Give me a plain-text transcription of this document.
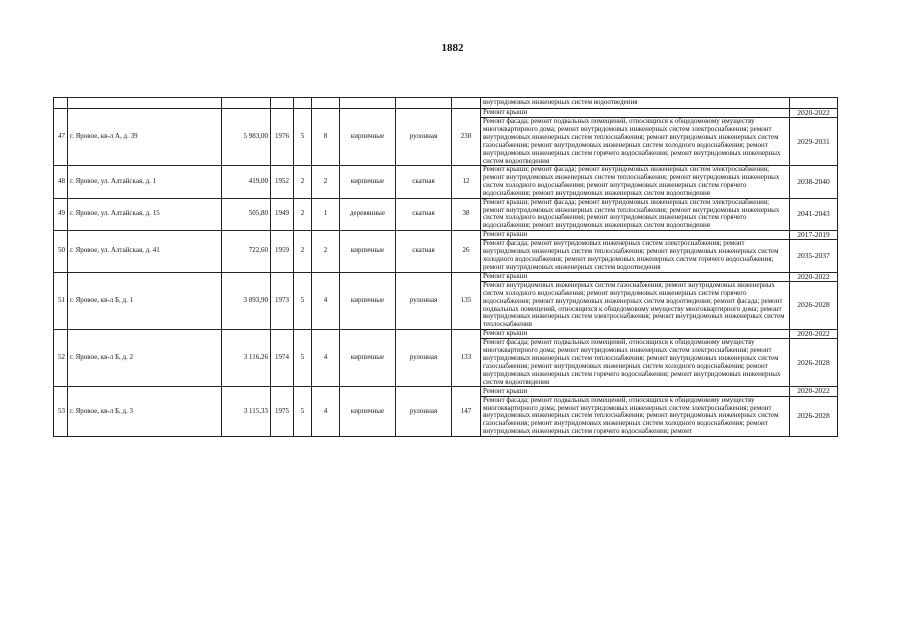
1882
									внутридомовых инженерных систем водоотведения	
47	г. Яровое, кв-л А, д. 39	5 983,00	1976	5	8	кирпичные	рулонная	230	Ремонт крыши	2020-2022
									Ремонт фасада; ремонт подвальных помещений, относящихся к общедомовому имуществу многоквартирного дома; ремонт внутридомовых инженерных систем электроснабжения; ремонт внутридомовых инженерных систем теплоснабжения; ремонт внутридомовых инженерных систем газоснабжения; ремонт внутридомовых инженерных систем холодного водоснабжения; ремонт внутридомовых инженерных систем горячего водоснабжения; ремонт внутридомовых инженерных систем водоотведения	2029-2031
48	г. Яровое, ул. Алтайская, д. 1	419,00	1952	2	2	кирпичные	скатная	12	Ремонт крыши; ремонт фасада; ремонт внутридомовых инженерных систем электроснабжения; ремонт внутридомовых инженерных систем теплоснабжения; ремонт внутридомовых инженерных систем холодного водоснабжения; ремонт внутридомовых инженерных систем горячего водоснабжения; ремонт внутридомовых инженерных систем водоотведения	2038-2040
49	г. Яровое, ул. Алтайская, д. 15	505,80	1949	2	1	деревянные	скатная	38	Ремонт крыши; ремонт фасада; ремонт внутридомовых инженерных систем электроснабжения; ремонт внутридомовых инженерных систем теплоснабжения; ремонт внутридомовых инженерных систем холодного водоснабжения; ремонт внутридомовых инженерных систем горячего водоснабжения; ремонт внутридомовых инженерных систем водоотведения	2041-2043
50	г. Яровое, ул. Алтайская, д. 41	722,60	1959	2	2	кирпичные	скатная	26	Ремонт крыши	2017-2019
									Ремонт фасада; ремонт внутридомовых инженерных систем электроснабжения; ремонт внутридомовых инженерных систем теплоснабжения; ремонт внутридомовых инженерных систем холодного водоснабжения; ремонт внутридомовых инженерных систем горячего водоснабжения; ремонт внутридомовых инженерных систем водоотведения	2035-2037
51	г. Яровое, кв-л Б, д. 1	3 093,90	1973	5	4	кирпичные	рулонная	135	Ремонт крыши	2020-2022
									Ремонт внутридомовых инженерных систем газоснабжения; ремонт внутридомовых инженерных систем холодного водоснабжения; ремонт внутридомовых инженерных систем горячего водоснабжения; ремонт внутридомовых инженерных систем водоотведения; ремонт фасада; ремонт подвальных помещений, относящихся к общедомовому имуществу многоквартирного дома; ремонт внутридомовых инженерных систем электроснабжения; ремонт внутридомовых инженерных систем теплоснабжения	2026-2028
52	г. Яровое, кв-л Б, д. 2	3 116,26	1974	5	4	кирпичные	рулонная	133	Ремонт крыши	2020-2022
									Ремонт фасада; ремонт подвальных помещений, относящихся к общедомовому имуществу многоквартирного дома; ремонт внутридомовых инженерных систем электроснабжения; ремонт внутридомовых инженерных систем теплоснабжения; ремонт внутридомовых инженерных систем газоснабжения; ремонт внутридомовых инженерных систем холодного водоснабжения; ремонт внутридомовых инженерных систем горячего водоснабжения; ремонт внутридомовых инженерных систем водоотведения	2026-2028
53	г. Яровое, кв-л Б, д. 3	3 115,33	1975	5	4	кирпичные	рулонная	147	Ремонт крыши	2020-2022
									Ремонт фасада; ремонт подвальных помещений, относящихся к общедомовому имуществу многоквартирного дома; ремонт внутридомовых инженерных систем электроснабжения; ремонт внутридомовых инженерных систем теплоснабжения; ремонт внутридомовых инженерных систем газоснабжения; ремонт внутридомовых инженерных систем холодного водоснабжения; ремонт внутридомовых инженерных систем горячего водоснабжения; ремонт	2026-2028
